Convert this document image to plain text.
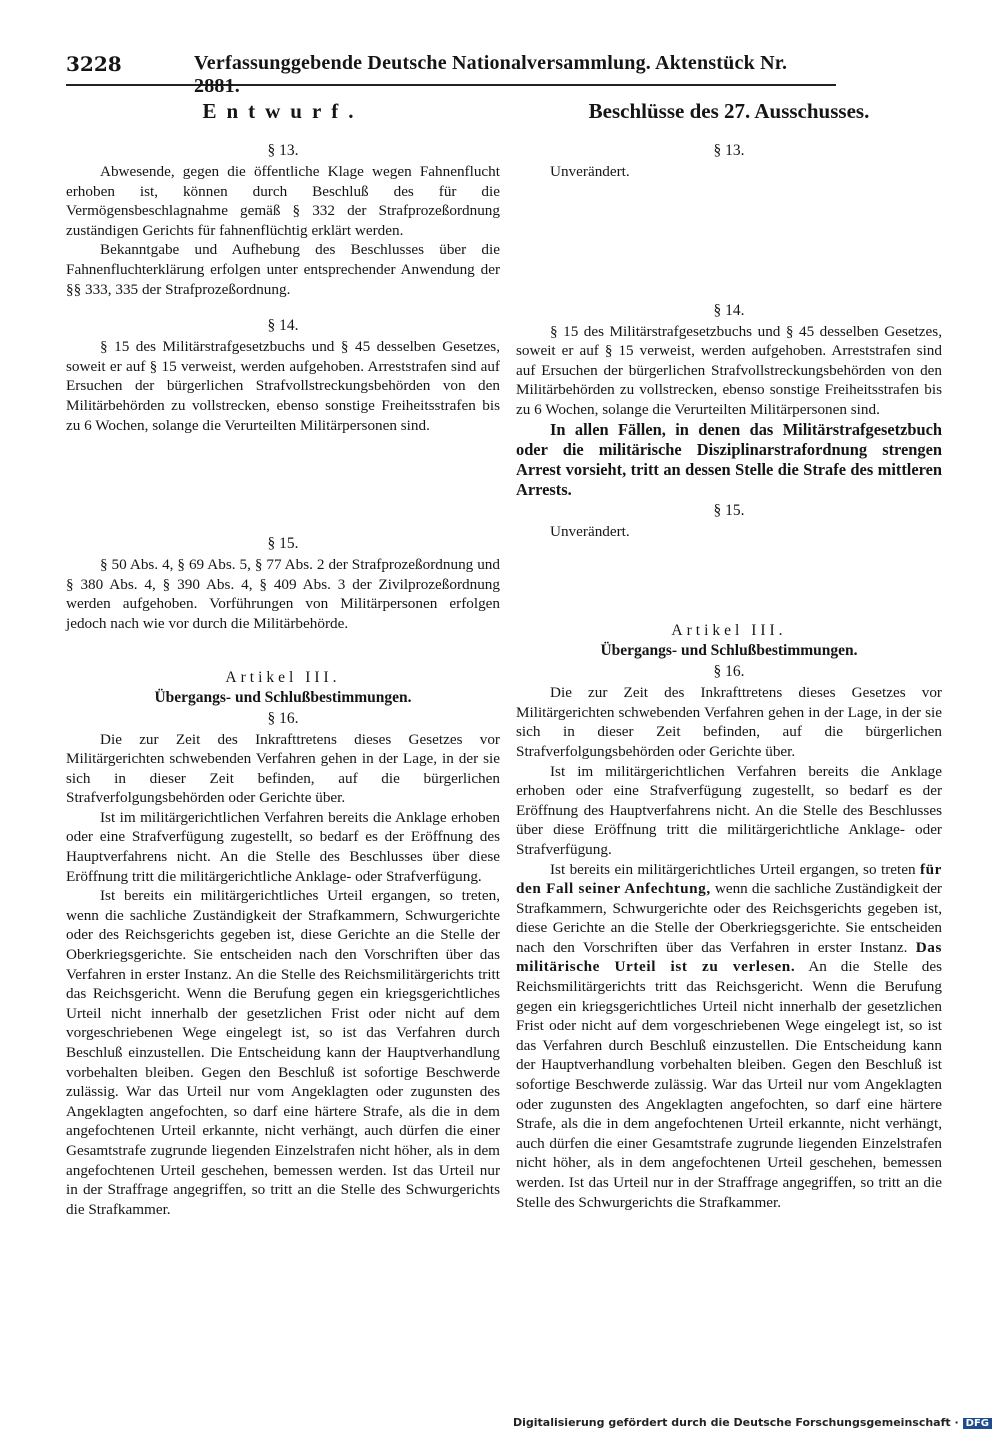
3228	Verfassunggebende Deutsche Nationalversammlung. Aktenstück Nr. 2881.

Entwurf.

§ 13.

Abwesende, gegen die öffentliche Klage wegen Fahnenflucht erhoben ist, können durch Beschluß des für die Vermögensbeschlagnahme gemäß § 332 der Strafprozeßordnung zuständigen Gerichts für fahnenflüchtig erklärt werden.

Bekanntgabe und Aufhebung des Beschlusses über die Fahnenfluchterklärung erfolgen unter entsprechender Anwendung der §§ 333, 335 der Strafprozeßordnung.

§ 14.

§ 15 des Militärstrafgesetzbuchs und § 45 desselben Gesetzes, soweit er auf § 15 verweist, werden aufgehoben. Arreststrafen sind auf Ersuchen der bürgerlichen Strafvollstreckungsbehörden von den Militärbehörden zu vollstrecken, ebenso sonstige Freiheitsstrafen bis zu 6 Wochen, solange die Verurteilten Militärpersonen sind.

§ 15.

§ 50 Abs. 4, § 69 Abs. 5, § 77 Abs. 2 der Strafprozeßordnung und § 380 Abs. 4, § 390 Abs. 4, § 409 Abs. 3 der Zivilprozeßordnung werden aufgehoben. Vorführungen von Militärpersonen erfolgen jedoch nach wie vor durch die Militärbehörde.

Artikel III.

Übergangs- und Schlußbestimmungen.

§ 16.

Die zur Zeit des Inkrafttretens dieses Gesetzes vor Militärgerichten schwebenden Verfahren gehen in der Lage, in der sie sich in dieser Zeit befinden, auf die bürgerlichen Strafverfolgungsbehörden oder Gerichte über.

Ist im militärgerichtlichen Verfahren bereits die Anklage erhoben oder eine Strafverfügung zugestellt, so bedarf es der Eröffnung des Hauptverfahrens nicht. An die Stelle des Beschlusses über diese Eröffnung tritt die militärgerichtliche Anklage- oder Strafverfügung.

Ist bereits ein militärgerichtliches Urteil ergangen, so treten, wenn die sachliche Zuständigkeit der Strafkammern, Schwurgerichte oder des Reichsgerichts gegeben ist, diese Gerichte an die Stelle der Oberkriegsgerichte. Sie entscheiden nach den Vorschriften über das Verfahren in erster Instanz. An die Stelle des Reichsmilitärgerichts tritt das Reichsgericht. Wenn die Berufung gegen ein kriegsgerichtliches Urteil nicht innerhalb der gesetzlichen Frist oder nicht auf dem vorgeschriebenen Wege eingelegt ist, so ist das Verfahren durch Beschluß einzustellen. Die Entscheidung kann der Hauptverhandlung vorbehalten bleiben. Gegen den Beschluß ist sofortige Beschwerde zulässig. War das Urteil nur vom Angeklagten oder zugunsten des Angeklagten angefochten, so darf eine härtere Strafe, als die in dem angefochtenen Urteil erkannte, nicht verhängt, auch dürfen die einer Gesamtstrafe zugrunde liegenden Einzelstrafen nicht höher, als in dem angefochtenen Urteil geschehen, bemessen werden. Ist das Urteil nur in der Straffrage angegriffen, so tritt an die Stelle des Schwurgerichts die Strafkammer.

Beschlüsse des 27. Ausschusses.

§ 13.

Unverändert.

§ 14.

§ 15 des Militärstrafgesetzbuchs und § 45 desselben Gesetzes, soweit er auf § 15 verweist, werden aufgehoben. Arreststrafen sind auf Ersuchen der bürgerlichen Strafvollstreckungsbehörden von den Militärbehörden zu vollstrecken, ebenso sonstige Freiheitsstrafen bis zu 6 Wochen, solange die Verurteilten Militärpersonen sind.

In allen Fällen, in denen das Militärstrafgesetzbuch oder die militärische Disziplinarstrafordnung strengen Arrest vorsieht, tritt an dessen Stelle die Strafe des mittleren Arrests.

§ 15.

Unverändert.

Artikel III.

Übergangs- und Schlußbestimmungen.

§ 16.

Die zur Zeit des Inkrafttretens dieses Gesetzes vor Militärgerichten schwebenden Verfahren gehen in der Lage, in der sie sich in dieser Zeit befinden, auf die bürgerlichen Strafverfolgungsbehörden oder Gerichte über.

Ist im militärgerichtlichen Verfahren bereits die Anklage erhoben oder eine Strafverfügung zugestellt, so bedarf es der Eröffnung des Hauptverfahrens nicht. An die Stelle des Beschlusses über diese Eröffnung tritt die militärgerichtliche Anklage- oder Strafverfügung.

Ist bereits ein militärgerichtliches Urteil ergangen, so treten für den Fall seiner Anfechtung, wenn die sachliche Zuständigkeit der Strafkammern, Schwurgerichte oder des Reichsgerichts gegeben ist, diese Gerichte an die Stelle der Oberkriegsgerichte. Sie entscheiden nach den Vorschriften über das Verfahren in erster Instanz. Das militärische Urteil ist zu verlesen. An die Stelle des Reichsmilitärgerichts tritt das Reichsgericht. Wenn die Berufung gegen ein kriegsgerichtliches Urteil nicht innerhalb der gesetzlichen Frist oder nicht auf dem vorgeschriebenen Wege eingelegt ist, so ist das Verfahren durch Beschluß einzustellen. Die Entscheidung kann der Hauptverhandlung vorbehalten bleiben. Gegen den Beschluß ist sofortige Beschwerde zulässig. War das Urteil nur vom Angeklagten oder zugunsten des Angeklagten angefochten, so darf eine härtere Strafe, als die in dem angefochtenen Urteil erkannte, nicht verhängt, auch dürfen die einer Gesamtstrafe zugrunde liegenden Einzelstrafen nicht höher, als in dem angefochtenen Urteil geschehen, bemessen werden. Ist das Urteil nur in der Straffrage angegriffen, so tritt an die Stelle des Schwurgerichts die Strafkammer.

Digitalisierung gefördert durch die Deutsche Forschungsgemeinschaft · DFG
